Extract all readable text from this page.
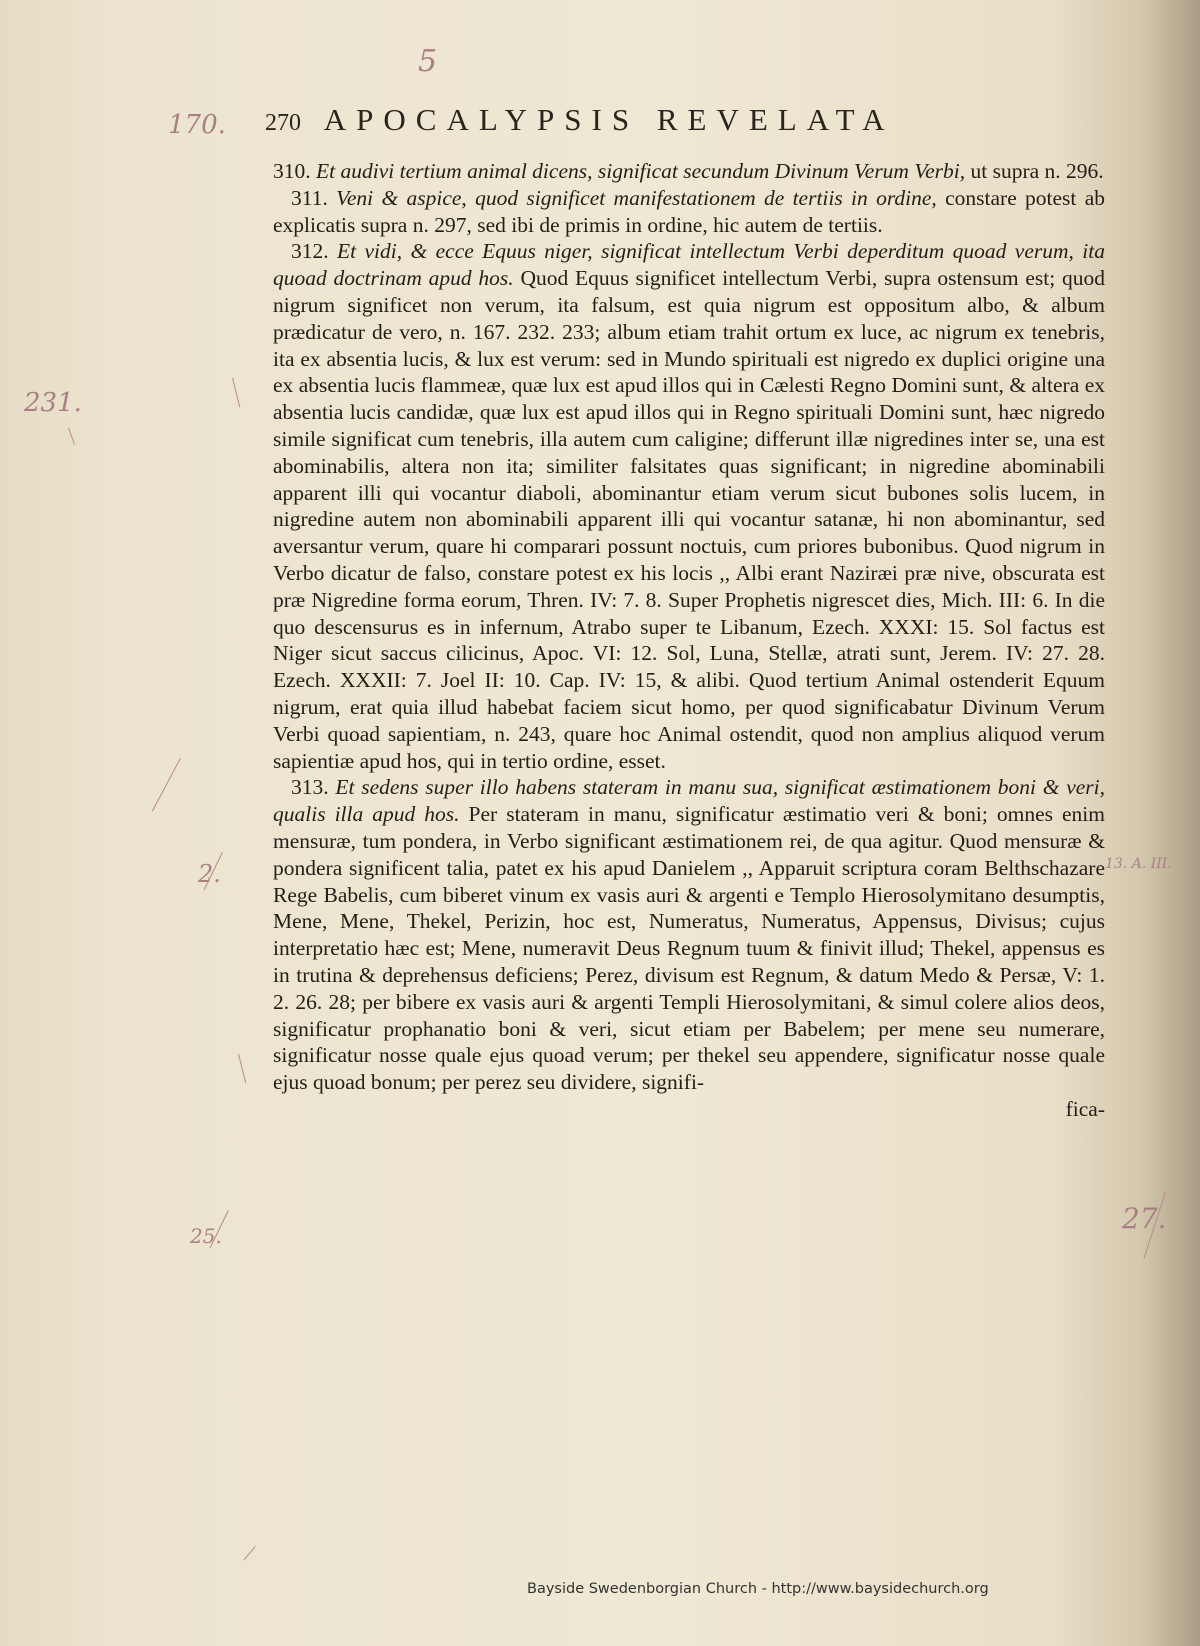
270 APOCALYPSIS REVELATA
5
170.
231.
2.
25.
13. A. III.
27.

310. Et audivi tertium animal dicens, significat secundum Divinum Verum Verbi, ut supra n. 296.

311. Veni & aspice, quod significet manifestationem de tertiis in ordine, constare potest ab explicatis supra n. 297, sed ibi de primis in ordine, hic autem de tertiis.

312. Et vidi, & ecce Equus niger, significat intellectum Verbi deperditum quoad verum, ita quoad doctrinam apud hos. Quod Equus significet intellectum Verbi, supra ostensum est; quod nigrum significet non verum, ita falsum, est quia nigrum est oppositum albo, & album prædicatur de vero, n. 167. 232. 233; album etiam trahit ortum ex luce, ac nigrum ex tenebris, ita ex absentia lucis, & lux est verum: sed in Mundo spirituali est nigredo ex duplici origine una ex absentia lucis flammeæ, quæ lux est apud illos qui in Cælesti Regno Domini sunt, & altera ex absentia lucis candidæ, quæ lux est apud illos qui in Regno spirituali Domini sunt, hæc nigredo simile significat cum tenebris, illa autem cum caligine; differunt illæ nigredines inter se, una est abominabilis, altera non ita; similiter falsitates quas significant; in nigredine abominabili apparent illi qui vocantur diaboli, abominantur etiam verum sicut bubones solis lucem, in nigredine autem non abominabili apparent illi qui vocantur satanæ, hi non abominantur, sed aversantur verum, quare hi comparari possunt noctuis, cum priores bubonibus. Quod nigrum in Verbo dicatur de falso, constare potest ex his locis ,, Albi erant Naziræi præ nive, obscurata est præ Nigredine forma eorum, Thren. IV: 7. 8. Super Prophetis nigrescet dies, Mich. III: 6. In die quo descensurus es in infernum, Atrabo super te Libanum, Ezech. XXXI: 15. Sol factus est Niger sicut saccus cilicinus, Apoc. VI: 12. Sol, Luna, Stellæ, atrati sunt, Jerem. IV: 27. 28. Ezech. XXXII: 7. Joel II: 10. Cap. IV: 15, & alibi. Quod tertium Animal ostenderit Equum nigrum, erat quia illud habebat faciem sicut homo, per quod significabatur Divinum Verum Verbi quoad sapientiam, n. 243, quare hoc Animal ostendit, quod non amplius aliquod verum sapientiæ apud hos, qui in tertio ordine, esset.

313. Et sedens super illo habens stateram in manu sua, significat æstimationem boni & veri, qualis illa apud hos. Per stateram in manu, significatur æstimatio veri & boni; omnes enim mensuræ, tum pondera, in Verbo significant æstimationem rei, de qua agitur. Quod mensuræ & pondera significent talia, patet ex his apud Danielem ,, Apparuit scriptura coram Belthschazare Rege Babelis, cum biberet vinum ex vasis auri & argenti e Templo Hierosolymitano desumptis, Mene, Mene, Thekel, Perizin, hoc est, Numeratus, Numeratus, Appensus, Divisus; cujus interpretatio hæc est; Mene, numeravit Deus Regnum tuum & finivit illud; Thekel, appensus es in trutina & deprehensus deficiens; Perez, divisum est Regnum, & datum Medo & Persæ, V: 1. 2. 26. 28; per bibere ex vasis auri & argenti Templi Hierosolymitani, & simul colere alios deos, significatur prophanatio boni & veri, sicut etiam per Babelem; per mene seu numerare, significatur nosse quale ejus quoad verum; per thekel seu appendere, significatur nosse quale ejus quoad bonum; per perez seu dividere, signifi-

fica-
Bayside Swedenborgian Church - http://www.baysidechurch.org
